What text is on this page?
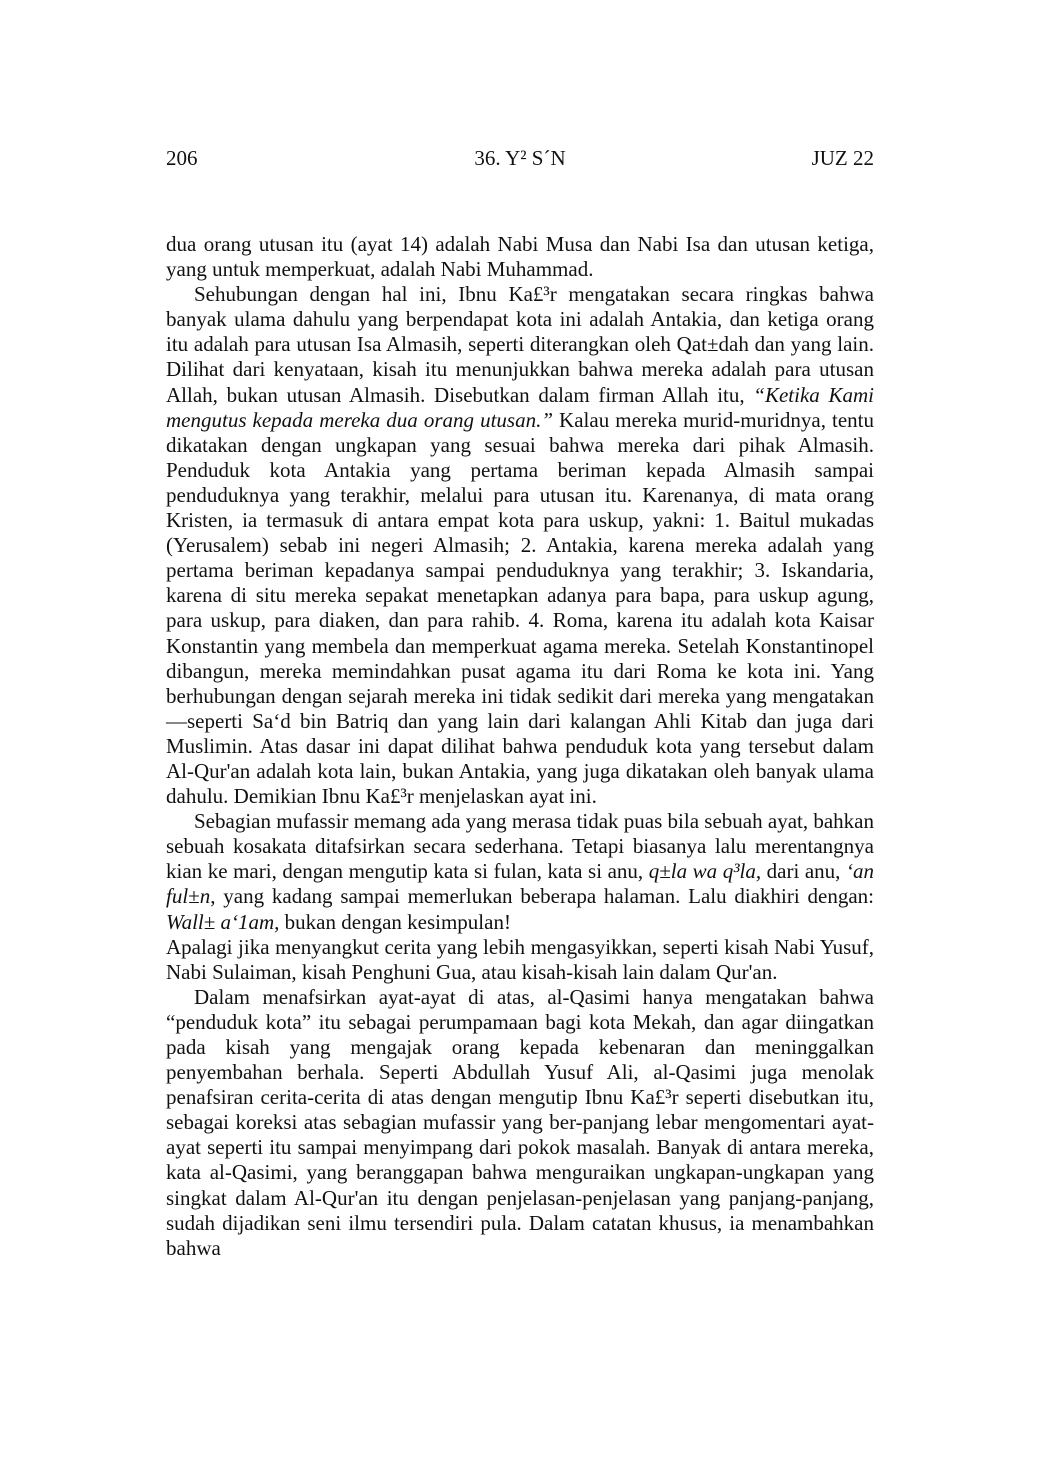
206	36. Y² S´N	JUZ 22

dua orang utusan itu (ayat 14) adalah Nabi Musa dan Nabi Isa dan utusan ketiga, yang untuk memperkuat, adalah Nabi Muhammad.

Sehubungan dengan hal ini, Ibnu Ka£³r mengatakan secara ringkas bahwa banyak ulama dahulu yang berpendapat kota ini adalah Antakia, dan ketiga orang itu adalah para utusan Isa Almasih, seperti diterangkan oleh Qat±dah dan yang lain. Dilihat dari kenyataan, kisah itu menunjukkan bahwa mereka adalah para utusan Allah, bukan utusan Almasih. Disebutkan dalam firman Allah itu, “Ketika Kami mengutus kepada mereka dua orang utusan.” Kalau mereka murid-muridnya, tentu dikatakan dengan ungkapan yang sesuai bahwa mereka dari pihak Almasih. Penduduk kota Antakia yang pertama beriman kepada Almasih sampai penduduknya yang terakhir, melalui para utusan itu. Karenanya, di mata orang Kristen, ia termasuk di antara empat kota para uskup, yakni: 1. Baitul mukadas (Yerusalem) sebab ini negeri Almasih; 2. Antakia, karena mereka adalah yang pertama beriman kepadanya sampai penduduknya yang terakhir; 3. Iskandaria, karena di situ mereka sepakat menetapkan adanya para bapa, para uskup agung, para uskup, para diaken, dan para rahib. 4. Roma, karena itu adalah kota Kaisar Konstantin yang membela dan memperkuat agama mereka. Setelah Konstantinopel dibangun, mereka memindahkan pusat agama itu dari Roma ke kota ini. Yang berhubungan dengan sejarah mereka ini tidak sedikit dari mereka yang mengatakan—seperti Sa‘d bin Batriq dan yang lain dari kalangan Ahli Kitab dan juga dari Muslimin. Atas dasar ini dapat dilihat bahwa penduduk kota yang tersebut dalam Al-Qur'an adalah kota lain, bukan Antakia, yang juga dikatakan oleh banyak ulama dahulu. Demikian Ibnu Ka£³r menjelaskan ayat ini.

Sebagian mufassir memang ada yang merasa tidak puas bila sebuah ayat, bahkan sebuah kosakata ditafsirkan secara sederhana. Tetapi biasanya lalu merentangnya kian ke mari, dengan mengutip kata si fulan, kata si anu, q±la wa q³la, dari anu, ‘an ful±n, yang kadang sampai memerlukan beberapa halaman. Lalu diakhiri dengan: Wall± a‘1am, bukan dengan kesimpulan!

Apalagi jika menyangkut cerita yang lebih mengasyikkan, seperti kisah Nabi Yusuf, Nabi Sulaiman, kisah Penghuni Gua, atau kisah-kisah lain dalam Qur'an.

Dalam menafsirkan ayat-ayat di atas, al-Qasimi hanya mengatakan bahwa “penduduk kota” itu sebagai perumpamaan bagi kota Mekah, dan agar diingatkan pada kisah yang mengajak orang kepada kebenaran dan meninggalkan penyembahan berhala. Seperti Abdullah Yusuf Ali, al-Qasimi juga menolak penafsiran cerita-cerita di atas dengan mengutip Ibnu Ka£³r seperti disebutkan itu, sebagai koreksi atas sebagian mufassir yang ber-panjang lebar mengomentari ayat-ayat seperti itu sampai menyimpang dari pokok masalah. Banyak di antara mereka, kata al-Qasimi, yang beranggapan bahwa menguraikan ungkapan-ungkapan yang singkat dalam Al-Qur'an itu dengan penjelasan-penjelasan yang panjang-panjang, sudah dijadikan seni ilmu tersendiri pula. Dalam catatan khusus, ia menambahkan bahwa
